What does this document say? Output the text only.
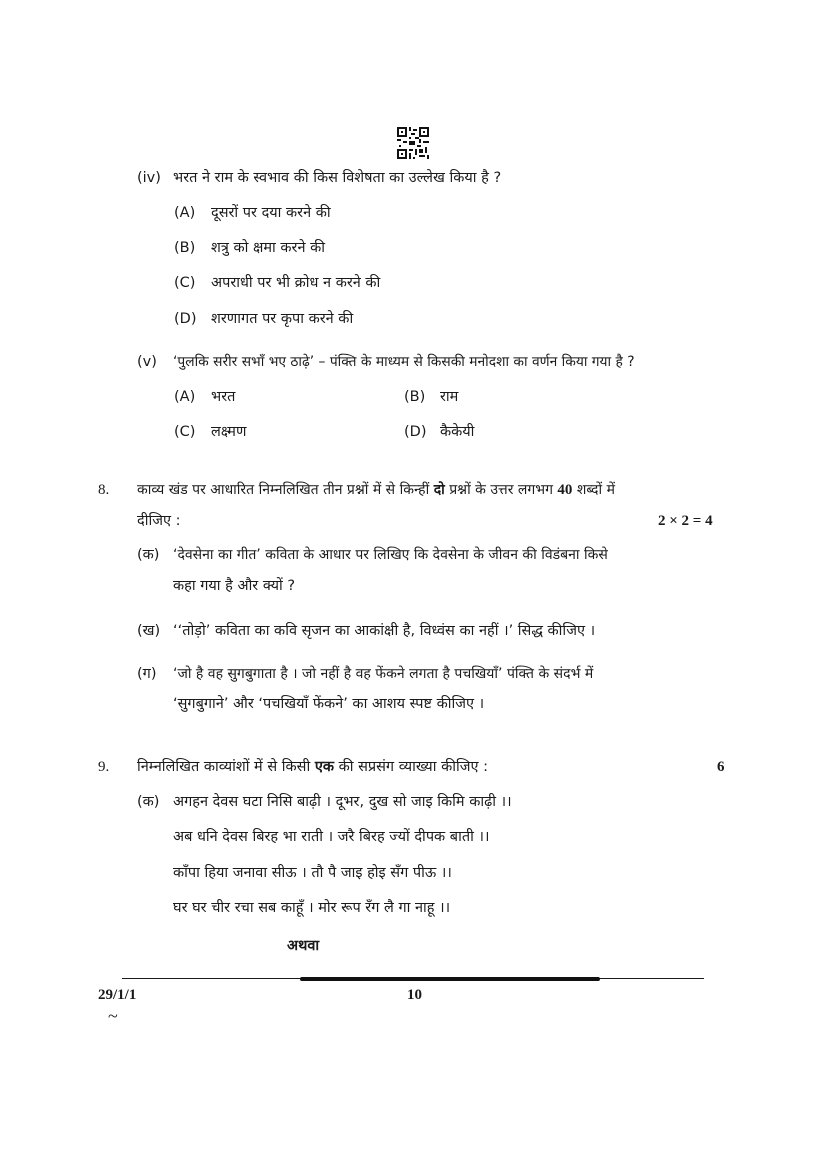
(iv) भरत ने राम के स्वभाव की किस विशेषता का उल्लेख किया है ?
(A) दूसरों पर दया करने की
(B) शत्रु को क्षमा करने की
(C) अपराधी पर भी क्रोध न करने की
(D) शरणागत पर कृपा करने की
(v) ‘पुलकि सरीर सभाँ भए ठाढ़े’ – पंक्ति के माध्यम से किसकी मनोदशा का वर्णन किया गया है ?
(A) भरत	(B) राम
(C) लक्ष्मण	(D) कैकेयी
8. काव्य खंड पर आधारित निम्नलिखित तीन प्रश्नों में से किन्हीं दो प्रश्नों के उत्तर लगभग 40 शब्दों में
दीजिए :	2 × 2 = 4
(क) ‘देवसेना का गीत’ कविता के आधार पर लिखिए कि देवसेना के जीवन की विडंबना किसे
कहा गया है और क्यों ?
(ख) ‘‘तोड़ो’ कविता का कवि सृजन का आकांक्षी है, विध्वंस का नहीं ।’ सिद्ध कीजिए ।
(ग) ‘जो है वह सुगबुगाता है । जो नहीं है वह फेंकने लगता है पचखियाँ’ पंक्ति के संदर्भ में
‘सुगबुगाने’ और ‘पचखियाँ फेंकने’ का आशय स्पष्ट कीजिए ।
9. निम्नलिखित काव्यांशों में से किसी एक की सप्रसंग व्याख्या कीजिए :	6
(क) अगहन देवस घटा निसि बाढ़ी । दूभर, दुख सो जाइ किमि काढ़ी ।।
अब धनि देवस बिरह भा राती । जरै बिरह ज्यों दीपक बाती ।।
काँपा हिया जनावा सीऊ । तौ पै जाइ होइ सँग पीऊ ।।
घर घर चीर रचा सब काहूँ । मोर रूप रँग लै गा नाहू ।।
अथवा
29/1/1	10
~
